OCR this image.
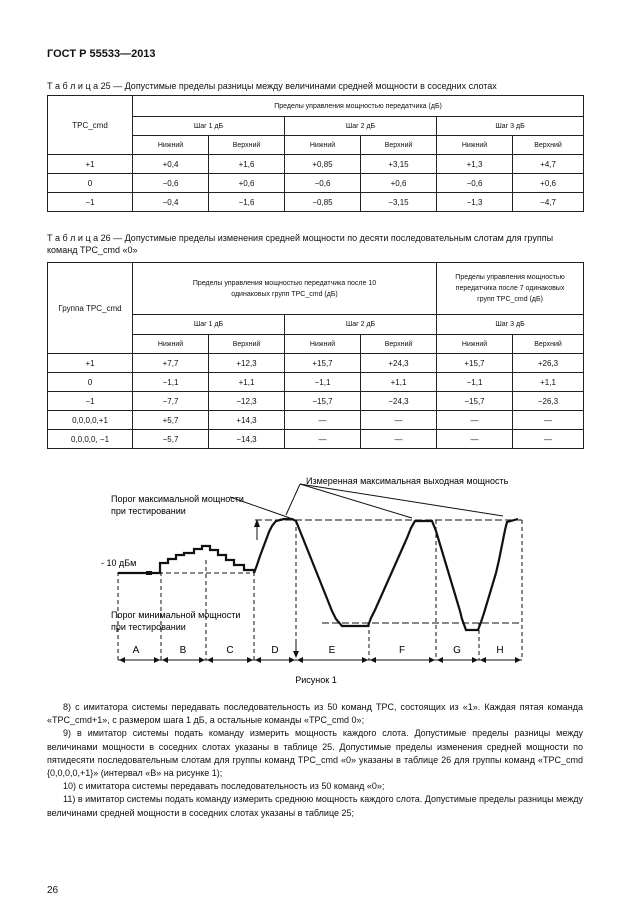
ГОСТ Р 55533—2013
Т а б л и ц а 25 — Допустимые пределы разницы между величинами средней мощности в соседних слотах
TPC_cmd	Пределы управления мощностью передатчика (дБ)					
	Шаг 1 дБ		Шаг 2 дБ		Шаг 3 дБ	
	Нижний	Верхний	Нижний	Верхний	Нижний	Верхний
+1	+0,4	+1,6	+0,85	+3,15	+1,3	+4,7
0	−0,6	+0,6	−0,6	+0,6	−0,6	+0,6
−1	−0,4	−1,6	−0,85	−3,15	−1,3	−4,7
Т а б л и ц а 26 — Допустимые пределы изменения средней мощности по десяти последовательным слотам для группы команд TPC_cmd «0»
Группа TPC_cmd	Пределы управления мощностью передатчика после 10 одинаковых групп TPC_cmd (дБ)				Пределы управления мощностью передатчика после 7 одинаковых групп TPC_cmd (дБ)	
	Шаг 1 дБ		Шаг 2 дБ		Шаг 3 дБ	
	Нижний	Верхний	Нижний	Верхний	Нижний	Верхний
+1	+7,7	+12,3	+15,7	+24,3	+15,7	+26,3
0	−1,1	+1,1	−1,1	+1,1	−1,1	+1,1
−1	−7,7	−12,3	−15,7	−24,3	−15,7	−26,3
0,0,0,0,+1	+5,7	+14,3	—	—	—	—
0,0,0,0, −1	−5,7	−14,3	—	—	—	—
Измеренная максимальная выходная мощность
Порог максимальной мощности
при тестировании
- 10 дБм
Порог минимальной мощности
при тестировании
A	B	C	D	E	F	G	H
Рисунок 1

8) с имитатора системы передавать последовательность из 50 команд TPC, состоящих из «1». Каждая пятая команда «TPC_cmd+1», с размером шага 1 дБ, а остальные команды «TPC_cmd 0»;

9) в имитатор системы подать команду измерить мощность каждого слота. Допустимые пределы разницы между величинами мощности в соседних слотах указаны в таблице 25. Допустимые пределы изменения средней мощности по пятидесяти последовательным слотам для группы команд TPC_cmd «0» указаны в таблице 26 для группы команд «TPC_cmd {0,0,0,0,+1}» (интервал «B» на рисунке 1);

10) с имитатора системы передавать последовательность из 50 команд «0»;

11) в имитатор системы подать команду измерить среднюю мощность каждого слота. Допустимые пределы разницы между величинами средней мощности в соседних слотах указаны в таблице 25;

26
